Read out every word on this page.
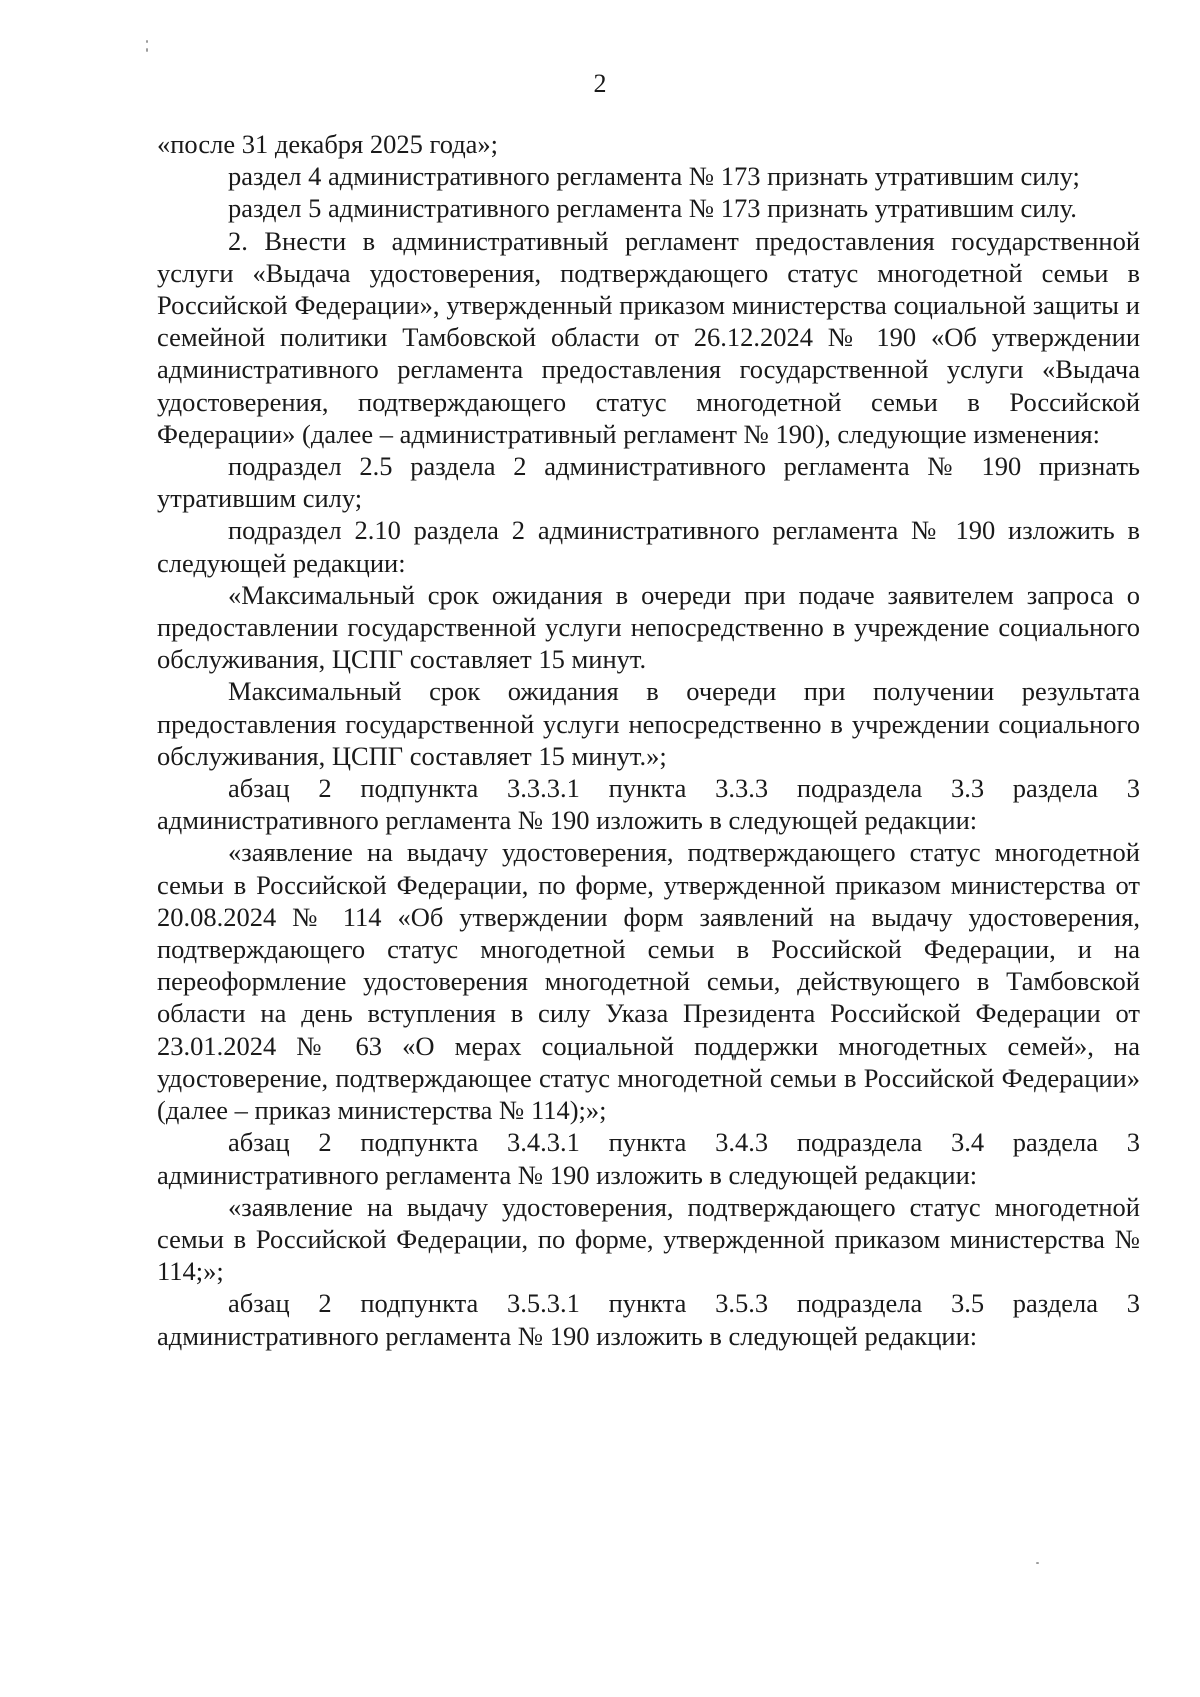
2

«после 31 декабря 2025 года»;

раздел 4 административного регламента № 173 признать утратившим силу;

раздел 5 административного регламента № 173 признать утратившим силу.

2. Внести в административный регламент предоставления государственной услуги «Выдача удостоверения, подтверждающего статус многодетной семьи в Российской Федерации», утвержденный приказом министерства социальной защиты и семейной политики Тамбовской области от 26.12.2024 № 190 «Об утверждении административного регламента предоставления государственной услуги «Выдача удостоверения, подтверждающего статус многодетной семьи в Российской Федерации» (далее – административный регламент № 190), следующие изменения:

подраздел 2.5 раздела 2 административного регламента № 190 признать утратившим силу;

подраздел 2.10 раздела 2 административного регламента № 190 изложить в следующей редакции:

«Максимальный срок ожидания в очереди при подаче заявителем запроса о предоставлении государственной услуги непосредственно в учреждение социального обслуживания, ЦСПГ составляет 15 минут.

Максимальный срок ожидания в очереди при получении результата предоставления государственной услуги непосредственно в учреждении социального обслуживания, ЦСПГ составляет 15 минут.»;

абзац 2 подпункта 3.3.3.1 пункта 3.3.3 подраздела 3.3 раздела 3 административного регламента № 190 изложить в следующей редакции:

«заявление на выдачу удостоверения, подтверждающего статус многодетной семьи в Российской Федерации, по форме, утвержденной приказом министерства от 20.08.2024 № 114 «Об утверждении форм заявлений на выдачу удостоверения, подтверждающего статус многодетной семьи в Российской Федерации, и на переоформление удостоверения многодетной семьи, действующего в Тамбовской области на день вступления в силу Указа Президента Российской Федерации от 23.01.2024 № 63 «О мерах социальной поддержки многодетных семей», на удостоверение, подтверждающее статус многодетной семьи в Российской Федерации» (далее – приказ министерства № 114);»;

абзац 2 подпункта 3.4.3.1 пункта 3.4.3 подраздела 3.4 раздела 3 административного регламента № 190 изложить в следующей редакции:

«заявление на выдачу удостоверения, подтверждающего статус многодетной семьи в Российской Федерации, по форме, утвержденной приказом министерства № 114;»;

абзац 2 подпункта 3.5.3.1 пункта 3.5.3 подраздела 3.5 раздела 3 административного регламента № 190 изложить в следующей редакции:
